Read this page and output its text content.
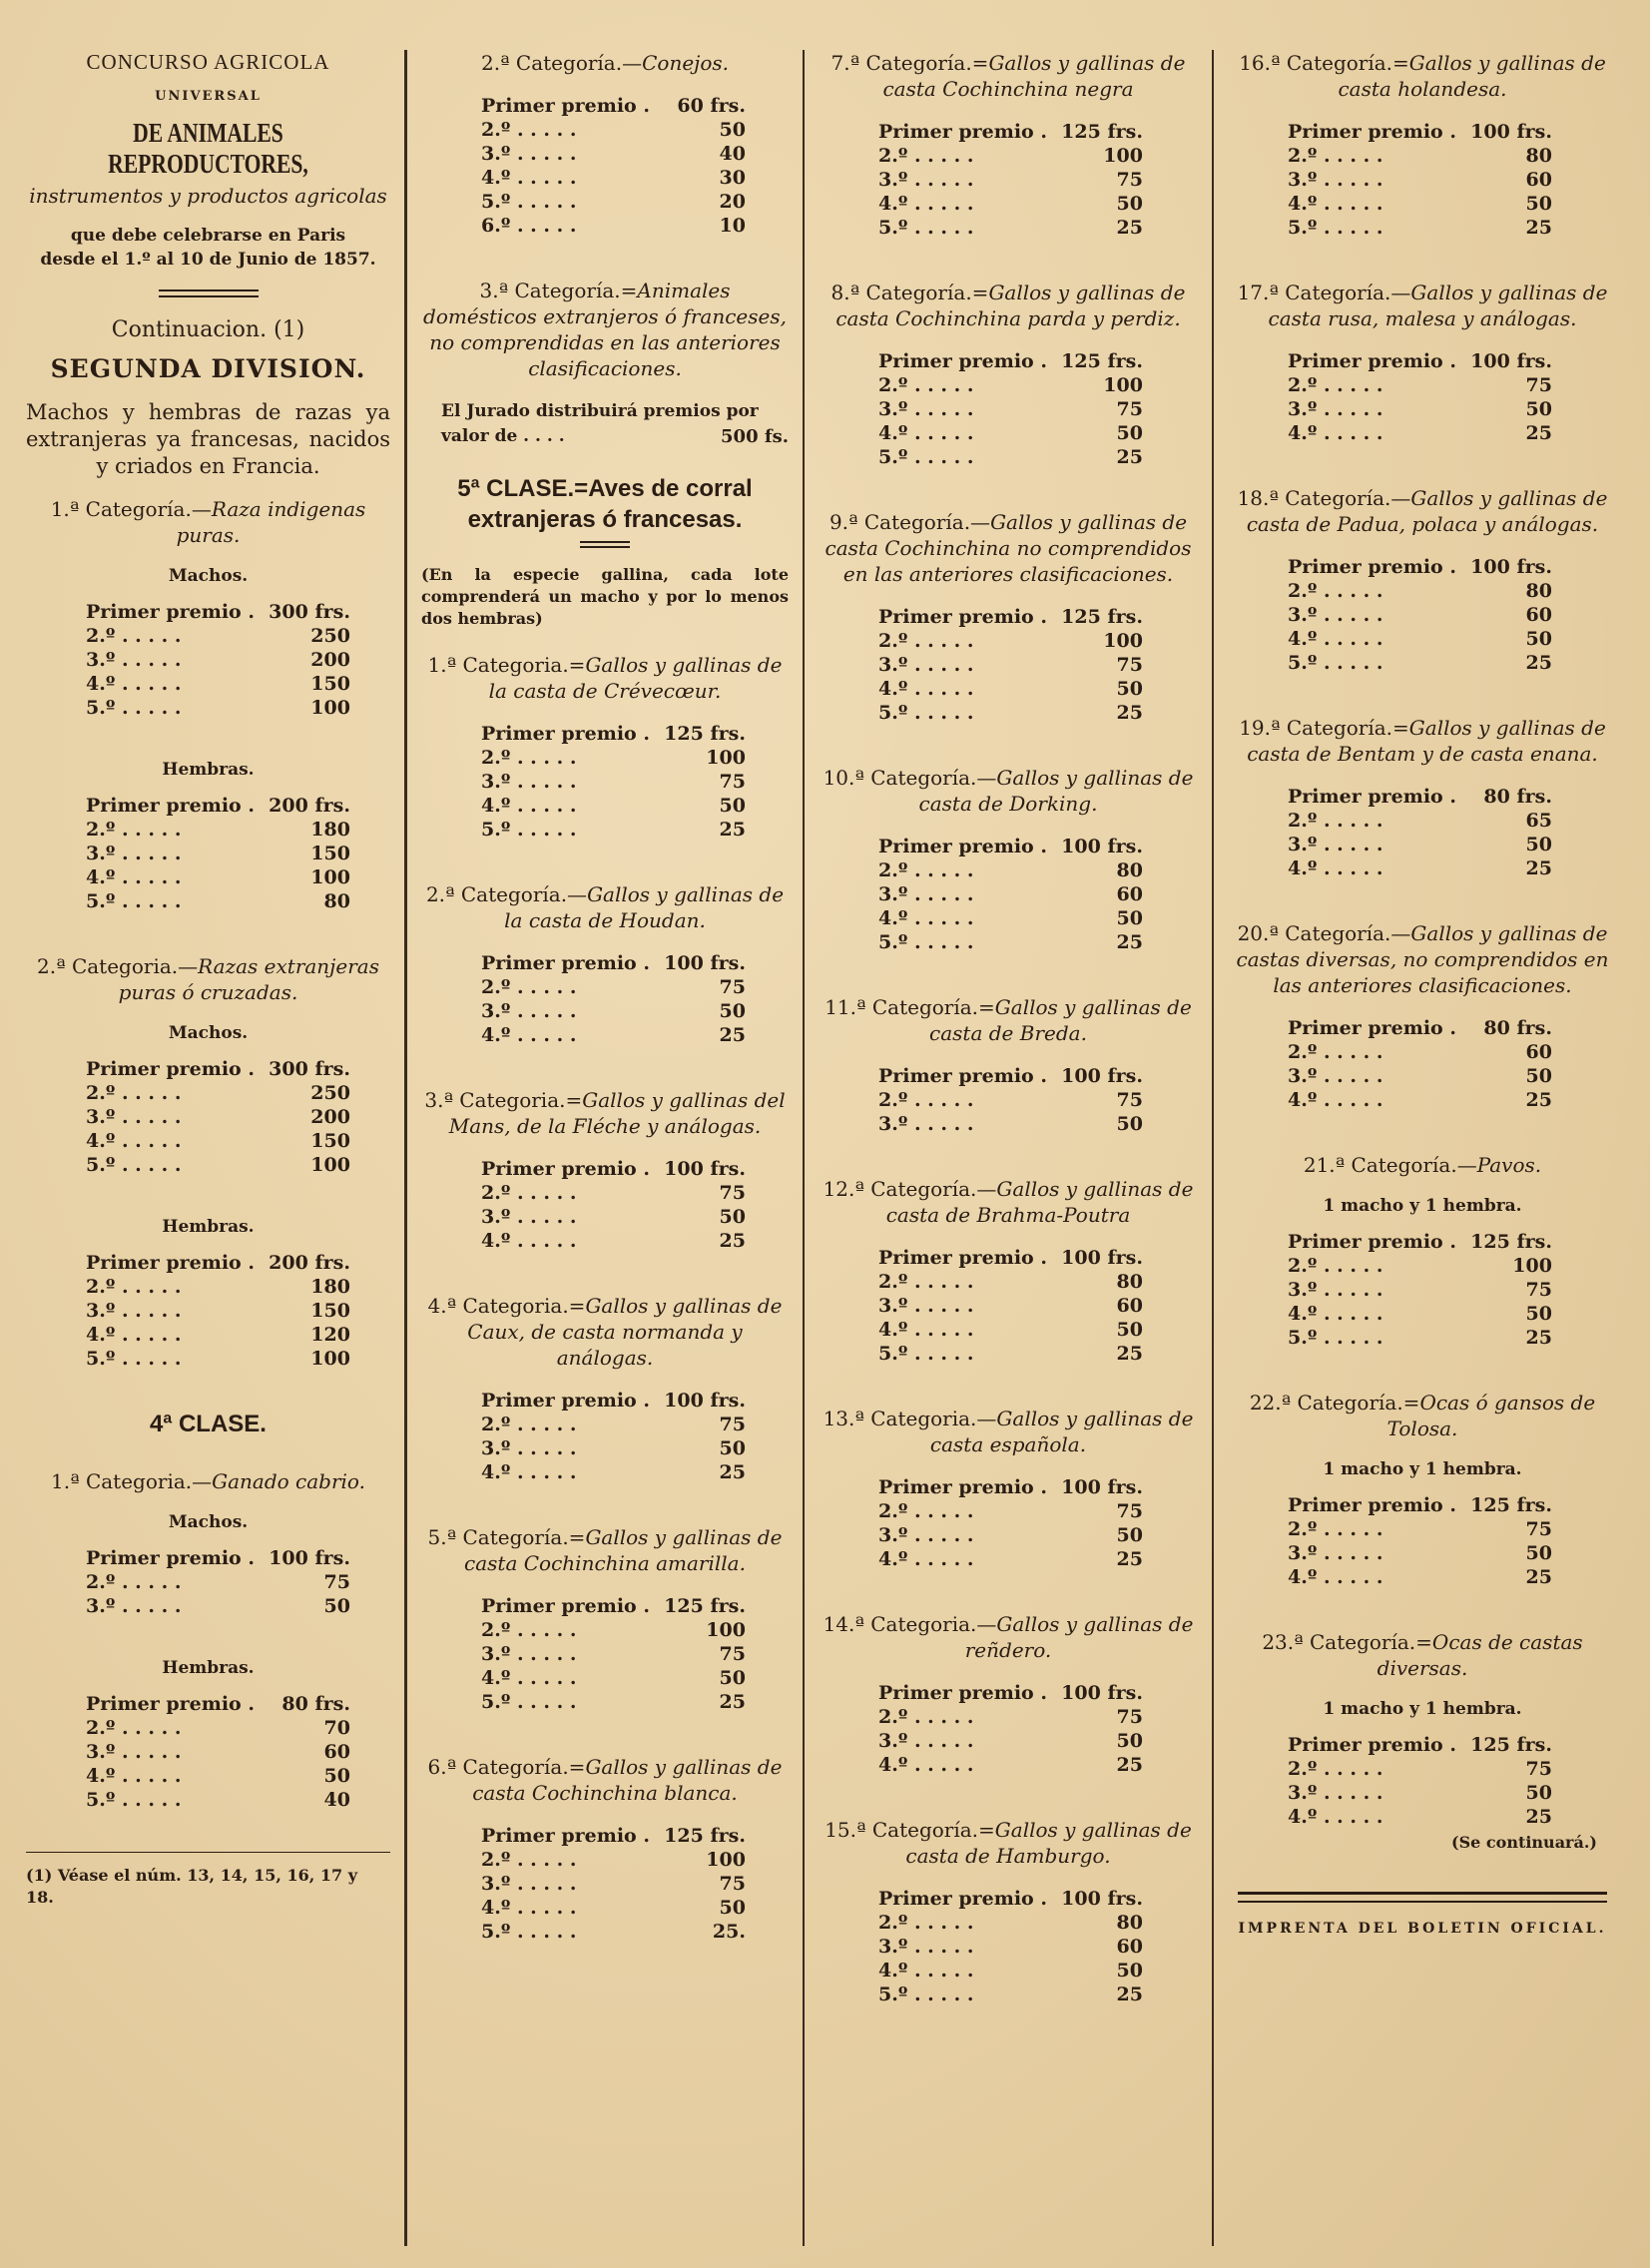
CONCURSO AGRICOLA
UNIVERSAL
DE ANIMALES REPRODUCTORES,
instrumentos y productos agricolas
que debe celebrarse en Paris
desde el 1.º al 10 de Junio de 1857.
Continuacion. (1)
SEGUNDA DIVISION.
Machos y hembras de razas ya extranjeras ya francesas, nacidos y criados en Francia.
1.ª Categoría.—Raza indigenas puras.
Machos.
Primer premio .	300 frs.
2.º . . . . .	250
3.º . . . . .	200
4.º . . . . .	150
5.º . . . . .	100
Hembras.
Primer premio .	200 frs.
2.º . . . . .	180
3.º . . . . .	150
4.º . . . . .	100
5.º . . . . .	80
2.ª Categoria.—Razas extranjeras puras ó cruzadas.
Machos.
Primer premio .	300 frs.
2.º . . . . .	250
3.º . . . . .	200
4.º . . . . .	150
5.º . . . . .	100
Hembras.
Primer premio .	200 frs.
2.º . . . . .	180
3.º . . . . .	150
4.º . . . . .	120
5.º . . . . .	100
4ª CLASE.
1.ª Categoria.—Ganado cabrio.
Machos.
Primer premio .	100 frs.
2.º . . . . .	75
3.º . . . . .	50
Hembras.
Primer premio .	80 frs.
2.º . . . . .	70
3.º . . . . .	60
4.º . . . . .	50
5.º . . . . .	40
(1) Véase el núm. 13, 14, 15, 16, 17 y 18.
2.ª Categoría.—Conejos.
Primer premio .	60 frs.
2.º . . . . .	50
3.º . . . . .	40
4.º . . . . .	30
5.º . . . . .	20
6.º . . . . .	10
3.ª Categoría.=Animales domésticos extranjeros ó franceses, no comprendidas en las anteriores clasificaciones.
El Jurado distribuirá premios por valor de . . . .	500 fs.
5ª CLASE.=Aves de corral extranjeras ó francesas.
(En la especie gallina, cada lote comprenderá un macho y por lo menos dos hembras)
1.ª Categoria.=Gallos y gallinas de la casta de Crévecœur.
Primer premio .	125 frs.
2.º . . . . .	100
3.º . . . . .	75
4.º . . . . .	50
5.º . . . . .	25
2.ª Categoría.—Gallos y gallinas de la casta de Houdan.
Primer premio .	100 frs.
2.º . . . . .	75
3.º . . . . .	50
4.º . . . . .	25
3.ª Categoria.=Gallos y gallinas del Mans, de la Fléche y análogas.
Primer premio .	100 frs.
2.º . . . . .	75
3.º . . . . .	50
4.º . . . . .	25
4.ª Categoria.=Gallos y gallinas de Caux, de casta normanda y análogas.
Primer premio .	100 frs.
2.º . . . . .	75
3.º . . . . .	50
4.º . . . . .	25
5.ª Categoría.=Gallos y gallinas de casta Cochinchina amarilla.
Primer premio .	125 frs.
2.º . . . . .	100
3.º . . . . .	75
4.º . . . . .	50
5.º . . . . .	25
6.ª Categoría.=Gallos y gallinas de casta Cochinchina blanca.
Primer premio .	125 frs.
2.º . . . . .	100
3.º . . . . .	75
4.º . . . . .	50
5.º . . . . .	25.
7.ª Categoría.=Gallos y gallinas de casta Cochinchina negra
Primer premio .	125 frs.
2.º . . . . .	100
3.º . . . . .	75
4.º . . . . .	50
5.º . . . . .	25
8.ª Categoría.=Gallos y gallinas de casta Cochinchina parda y perdiz.
Primer premio .	125 frs.
2.º . . . . .	100
3.º . . . . .	75
4.º . . . . .	50
5.º . . . . .	25
9.ª Categoría.—Gallos y gallinas de casta Cochinchina no comprendidos en las anteriores clasificaciones.
Primer premio .	125 frs.
2.º . . . . .	100
3.º . . . . .	75
4.º . . . . .	50
5.º . . . . .	25
10.ª Categoría.—Gallos y gallinas de casta de Dorking.
Primer premio .	100 frs.
2.º . . . . .	80
3.º . . . . .	60
4.º . . . . .	50
5.º . . . . .	25
11.ª Categoría.=Gallos y gallinas de casta de Breda.
Primer premio .	100 frs.
2.º . . . . .	75
3.º . . . . .	50
12.ª Categoría.—Gallos y gallinas de casta de Brahma-Poutra
Primer premio .	100 frs.
2.º . . . . .	80
3.º . . . . .	60
4.º . . . . .	50
5.º . . . . .	25
13.ª Categoria.—Gallos y gallinas de casta española.
Primer premio .	100 frs.
2.º . . . . .	75
3.º . . . . .	50
4.º . . . . .	25
14.ª Categoria.—Gallos y gallinas de reñdero.
Primer premio .	100 frs.
2.º . . . . .	75
3.º . . . . .	50
4.º . . . . .	25
15.ª Categoría.=Gallos y gallinas de casta de Hamburgo.
Primer premio .	100 frs.
2.º . . . . .	80
3.º . . . . .	60
4.º . . . . .	50
5.º . . . . .	25
16.ª Categoría.=Gallos y gallinas de casta holandesa.
Primer premio .	100 frs.
2.º . . . . .	80
3.º . . . . .	60
4.º . . . . .	50
5.º . . . . .	25
17.ª Categoría.—Gallos y gallinas de casta rusa, malesa y análogas.
Primer premio .	100 frs.
2.º . . . . .	75
3.º . . . . .	50
4.º . . . . .	25
18.ª Categoría.—Gallos y gallinas de casta de Padua, polaca y análogas.
Primer premio .	100 frs.
2.º . . . . .	80
3.º . . . . .	60
4.º . . . . .	50
5.º . . . . .	25
19.ª Categoría.=Gallos y gallinas de casta de Bentam y de casta enana.
Primer premio .	80 frs.
2.º . . . . .	65
3.º . . . . .	50
4.º . . . . .	25
20.ª Categoría.—Gallos y gallinas de castas diversas, no comprendidos en las anteriores clasificaciones.
Primer premio .	80 frs.
2.º . . . . .	60
3.º . . . . .	50
4.º . . . . .	25
21.ª Categoría.—Pavos.
1 macho y 1 hembra.
Primer premio .	125 frs.
2.º . . . . .	100
3.º . . . . .	75
4.º . . . . .	50
5.º . . . . .	25
22.ª Categoría.=Ocas ó gansos de Tolosa.
1 macho y 1 hembra.
Primer premio .	125 frs.
2.º . . . . .	75
3.º . . . . .	50
4.º . . . . .	25
23.ª Categoría.=Ocas de castas diversas.
1 macho y 1 hembra.
Primer premio .	125 frs.
2.º . . . . .	75
3.º . . . . .	50
4.º . . . . .	25
(Se continuará.)
IMPRENTA DEL BOLETIN OFICIAL.
